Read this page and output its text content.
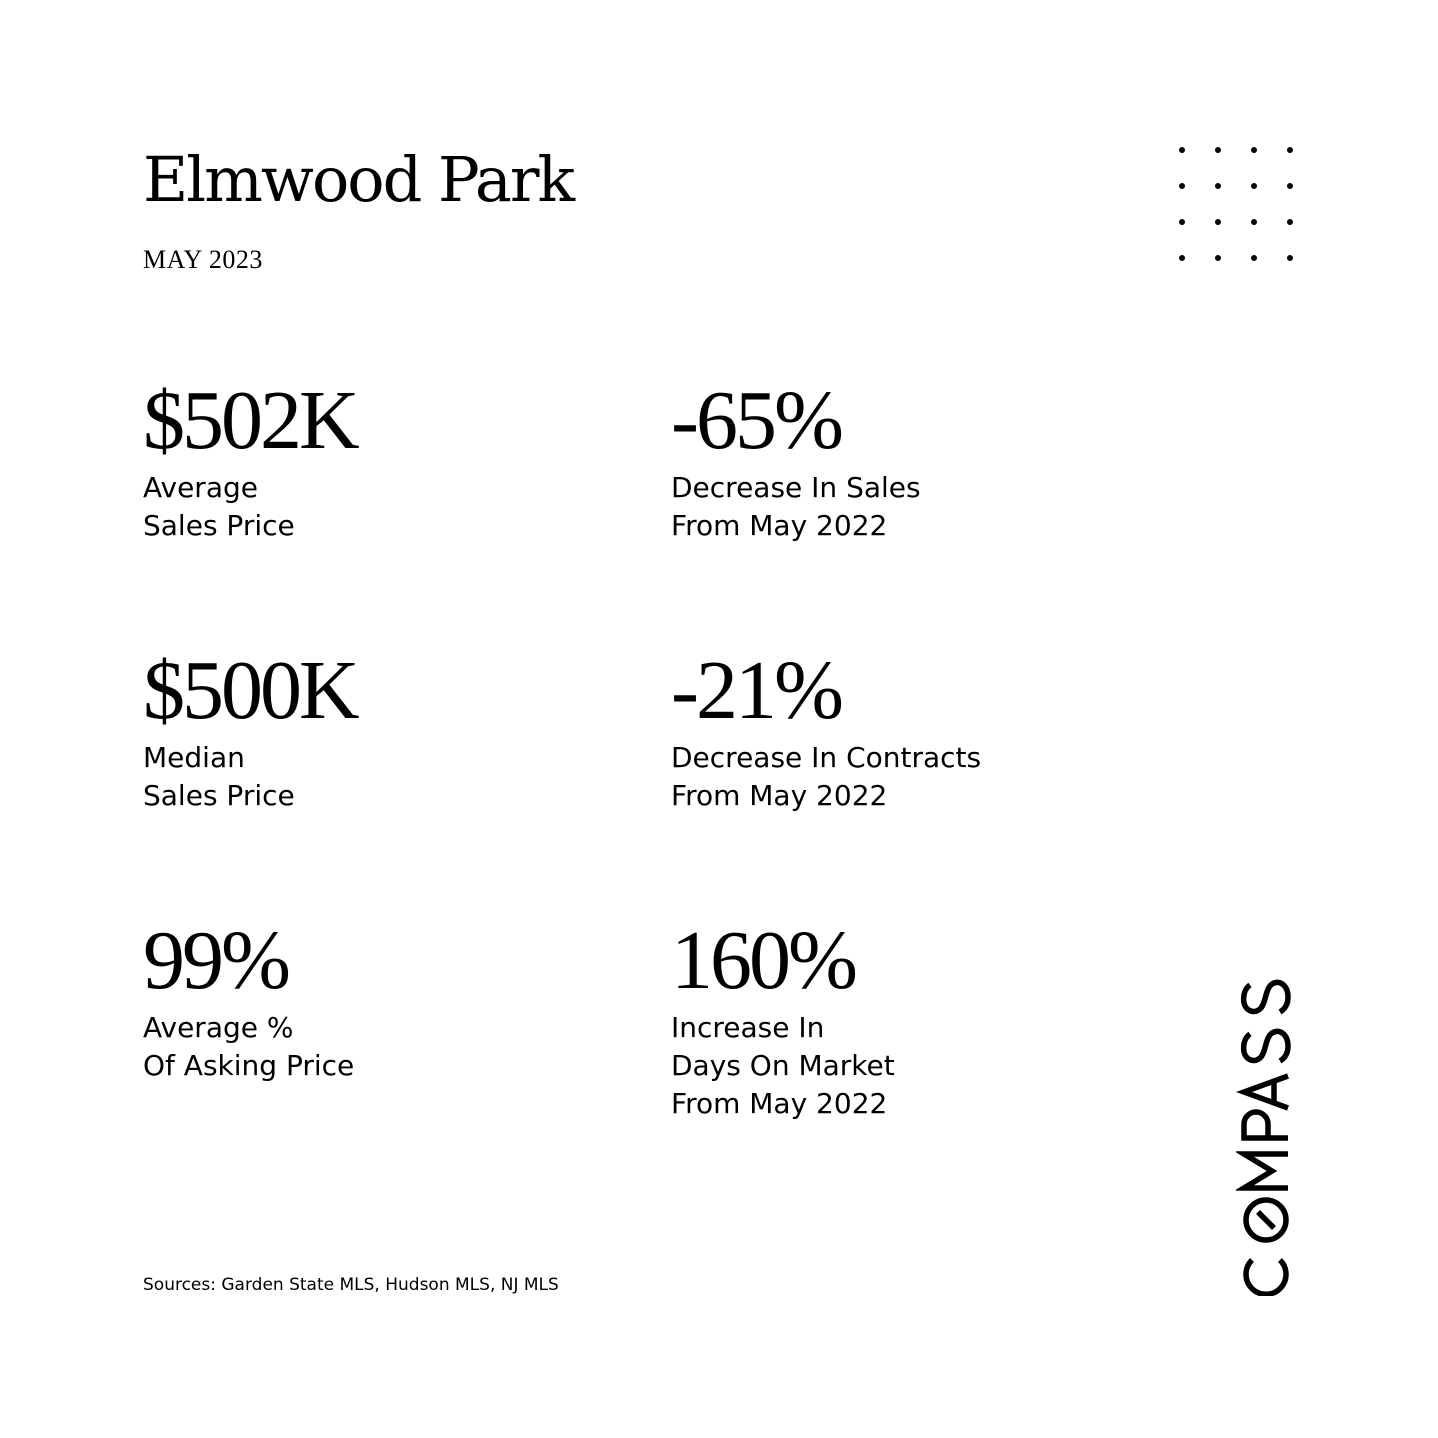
Elmwood Park
MAY 2023
$502K
Average
Sales Price
-65%
Decrease In Sales
From May 2022
$500K
Median
Sales Price
-21%
Decrease In Contracts
From May 2022
99%
Average %
Of Asking Price
160%
Increase In
Days On Market
From May 2022
Sources: Garden State MLS, Hudson MLS, NJ MLS
